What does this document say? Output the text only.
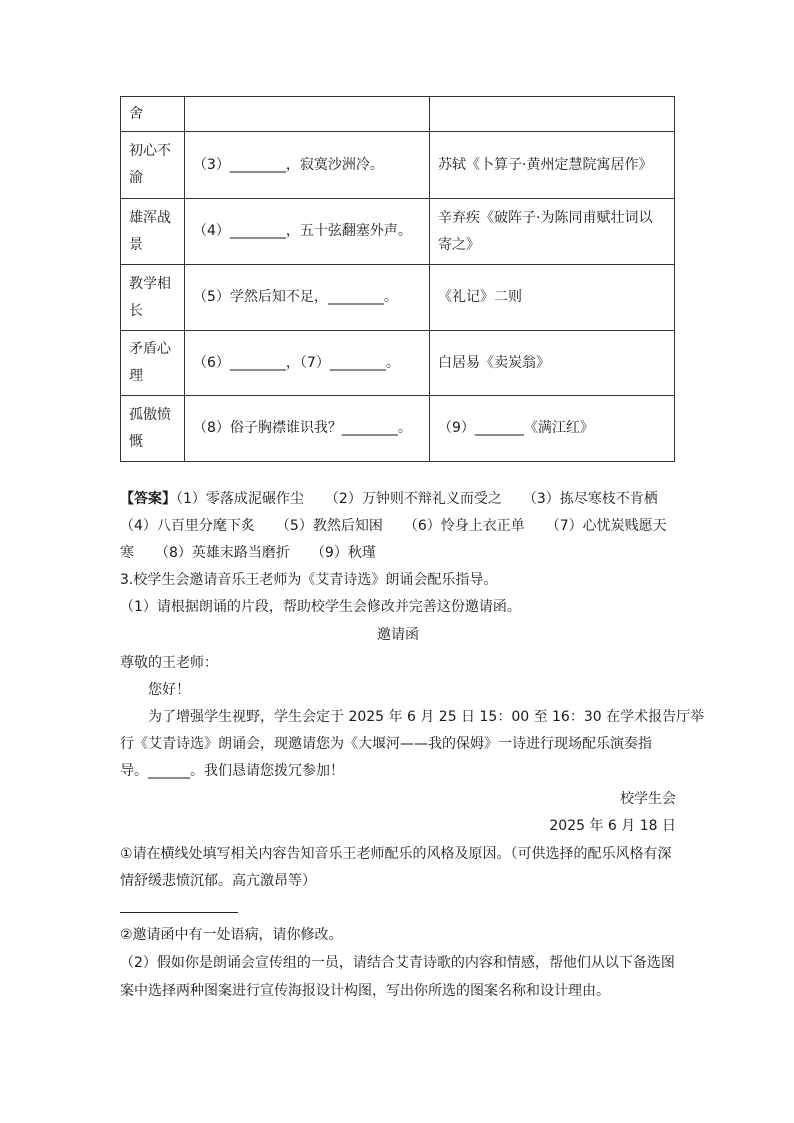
舍		
初心不渝	（3）________，寂寞沙洲冷。	苏轼《卜算子·黄州定慧院寓居作》
雄浑战景	（4）________，五十弦翻塞外声。	辛弃疾《破阵子·为陈同甫赋壮词以寄之》
教学相长	（5）学然后知不足，________。	《礼记》二则
矛盾心理	（6）________，（7）________。	白居易《卖炭翁》
孤傲愤慨	（8）俗子胸襟谁识我？________。	（9）_______《满江红》
【答案】（1）零落成泥碾作尘　　（2）万钟则不辩礼义而受之　　（3）拣尽寒枝不肯栖
（4）八百里分麾下炙　　（5）教然后知困　　（6）怜身上衣正单　　（7）心忧炭贱愿天
寒　　（8）英雄末路当磨折　　（9）秋瑾
3.校学生会邀请音乐王老师为《艾青诗选》朗诵会配乐指导。
（1）请根据朗诵的片段，帮助校学生会修改并完善这份邀请函。
邀请函
尊敬的王老师：
您好！
为了增强学生视野，学生会定于 2025 年 6 月 25 日 15：00 至 16：30 在学术报告厅举
行《艾青诗选》朗诵会，现邀请您为《大堰河——我的保姆》一诗进行现场配乐演奏指
导。______。我们恳请您拨冗参加！
校学生会
2025 年 6 月 18 日
①请在横线处填写相关内容告知音乐王老师配乐的风格及原因。（可供选择的配乐风格有深
情舒缓悲愤沉郁。高亢激昂等）
②邀请函中有一处语病，请你修改。
（2）假如你是朗诵会宣传组的一员，请结合艾青诗歌的内容和情感，帮他们从以下备选图
案中选择两种图案进行宣传海报设计构图，写出你所选的图案名称和设计理由。
